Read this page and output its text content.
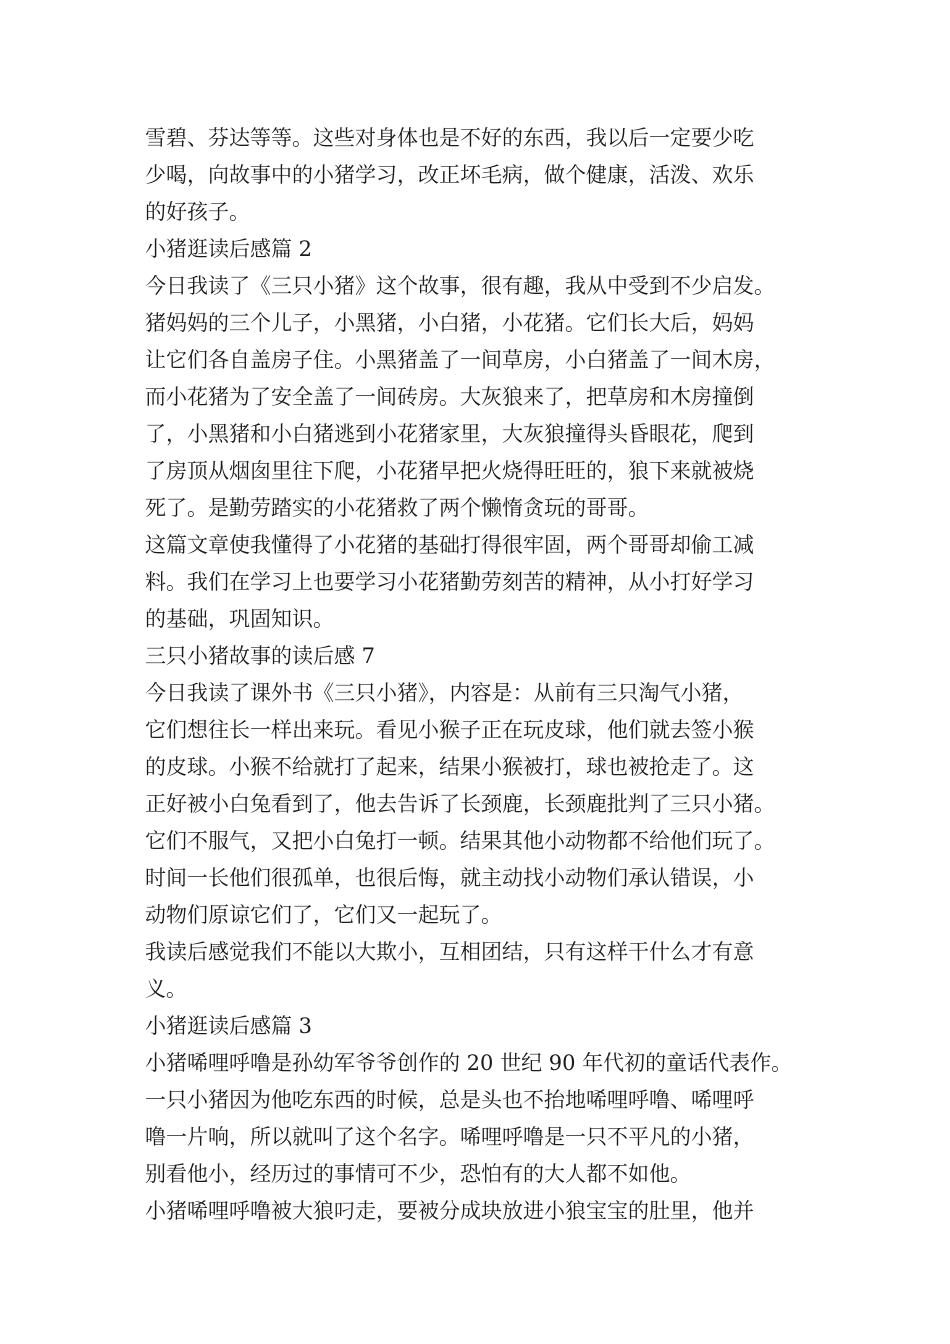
雪碧、芬达等等。这些对身体也是不好的东西，我以后一定要少吃
少喝，向故事中的小猪学习，改正坏毛病，做个健康，活泼、欢乐
的好孩子。

小猪逛读后感篇 2

今日我读了《三只小猪》这个故事，很有趣，我从中受到不少启发。
猪妈妈的三个儿子，小黑猪，小白猪，小花猪。它们长大后，妈妈
让它们各自盖房子住。小黑猪盖了一间草房，小白猪盖了一间木房，
而小花猪为了安全盖了一间砖房。大灰狼来了，把草房和木房撞倒
了，小黑猪和小白猪逃到小花猪家里，大灰狼撞得头昏眼花，爬到
了房顶从烟囱里往下爬，小花猪早把火烧得旺旺的，狼下来就被烧
死了。是勤劳踏实的小花猪救了两个懒惰贪玩的哥哥。

这篇文章使我懂得了小花猪的基础打得很牢固，两个哥哥却偷工减
料。我们在学习上也要学习小花猪勤劳刻苦的精神，从小打好学习
的基础，巩固知识。

三只小猪故事的读后感 7

今日我读了课外书《三只小猪》，内容是：从前有三只淘气小猪，
它们想往长一样出来玩。看见小猴子正在玩皮球，他们就去签小猴
的皮球。小猴不给就打了起来，结果小猴被打，球也被抢走了。这
正好被小白兔看到了，他去告诉了长颈鹿，长颈鹿批判了三只小猪。
它们不服气，又把小白兔打一顿。结果其他小动物都不给他们玩了。
时间一长他们很孤单，也很后悔，就主动找小动物们承认错误，小
动物们原谅它们了，它们又一起玩了。

我读后感觉我们不能以大欺小，互相团结，只有这样干什么才有意
义。

小猪逛读后感篇 3

小猪唏哩呼噜是孙幼军爷爷创作的 20 世纪 90 年代初的童话代表作。
一只小猪因为他吃东西的时候，总是头也不抬地唏哩呼噜、唏哩呼
噜一片响，所以就叫了这个名字。唏哩呼噜是一只不平凡的小猪，
别看他小，经历过的事情可不少，恐怕有的大人都不如他。

小猪唏哩呼噜被大狼叼走，要被分成块放进小狼宝宝的肚里，他并
